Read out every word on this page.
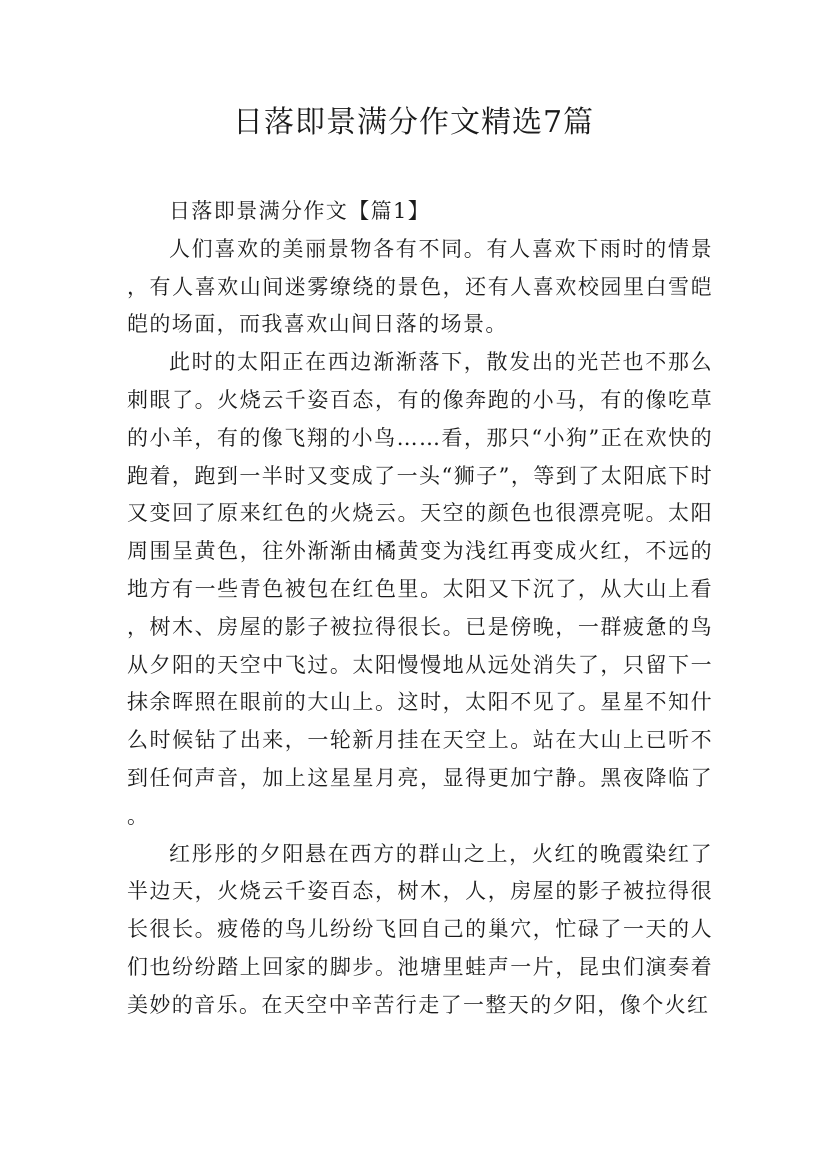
日落即景满分作文精选7篇

日落即景满分作文【篇1】

人们喜欢的美丽景物各有不同。有人喜欢下雨时的情景，有人喜欢山间迷雾缭绕的景色，还有人喜欢校园里白雪皑皑的场面，而我喜欢山间日落的场景。

此时的太阳正在西边渐渐落下，散发出的光芒也不那么刺眼了。火烧云千姿百态，有的像奔跑的小马，有的像吃草的小羊，有的像飞翔的小鸟……看，那只“小狗”正在欢快的跑着，跑到一半时又变成了一头“狮子”，等到了太阳底下时又变回了原来红色的火烧云。天空的颜色也很漂亮呢。太阳周围呈黄色，往外渐渐由橘黄变为浅红再变成火红，不远的地方有一些青色被包在红色里。太阳又下沉了，从大山上看，树木、房屋的影子被拉得很长。已是傍晚，一群疲惫的鸟从夕阳的天空中飞过。太阳慢慢地从远处消失了，只留下一抹余晖照在眼前的大山上。这时，太阳不见了。星星不知什么时候钻了出来，一轮新月挂在天空上。站在大山上已听不到任何声音，加上这星星月亮，显得更加宁静。黑夜降临了。

红彤彤的夕阳悬在西方的群山之上，火红的晚霞染红了半边天，火烧云千姿百态，树木，人，房屋的影子被拉得很长很长。疲倦的鸟儿纷纷飞回自己的巢穴，忙碌了一天的人们也纷纷踏上回家的脚步。池塘里蛙声一片，昆虫们演奏着美妙的音乐。在天空中辛苦行走了一整天的夕阳，像个火红
